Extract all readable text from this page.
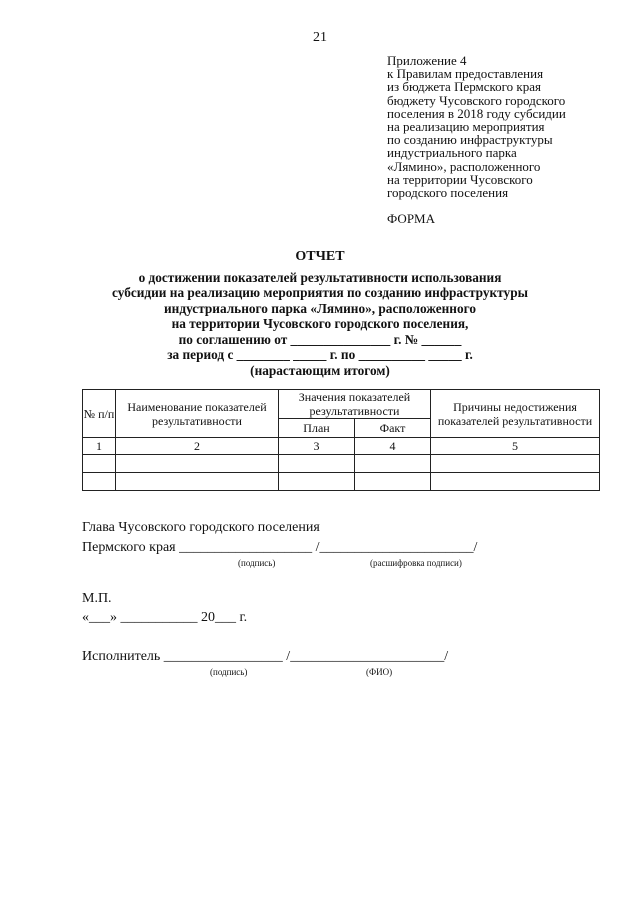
21
Приложение 4
к Правилам предоставления
из бюджета Пермского края
бюджету Чусовского городского
поселения в 2018 году субсидии
на реализацию мероприятия
по созданию инфраструктуры
индустриального парка
«Лямино», расположенного
на территории Чусовского
городского поселения
ФОРМА
ОТЧЕТ
о достижении показателей результативности использования
субсидии на реализацию мероприятия по созданию инфраструктуры
индустриального парка «Лямино», расположенного
на территории Чусовского городского поселения,
по соглашению от _______________ г. № ______
за период с ________ _____ г. по __________ _____ г.
(нарастающим итогом)
№ п/п	Наименование показателей результативности	Значения показателей результативности		Причины недостижения показателей результативности
		План	Факт	
1	2	3	4	5

Глава Чусовского городского поселения
Пермского края ___________________ /______________________/
(подпись)	(расшифровка подписи)
М.П.
«___» ___________ 20___ г.
Исполнитель _________________ /______________________/
(подпись)	(ФИО)
